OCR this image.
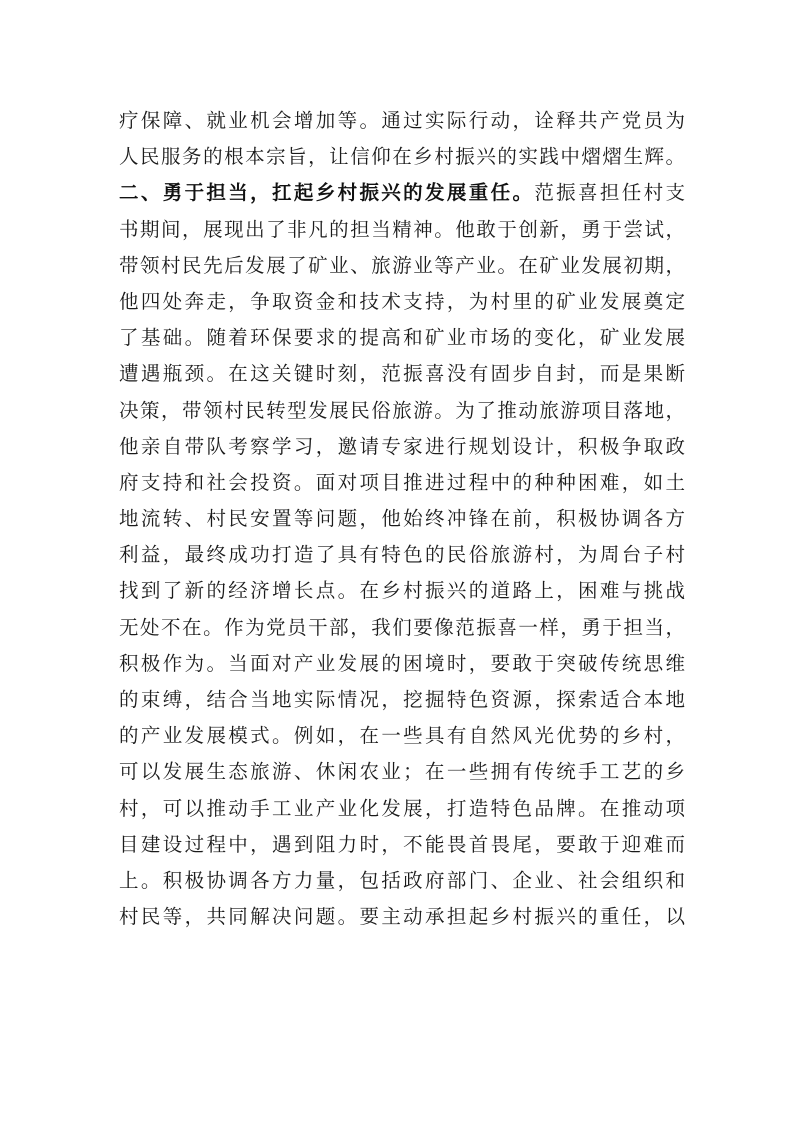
疗保障、就业机会增加等。通过实际行动，诠释共产党员为
人民服务的根本宗旨，让信仰在乡村振兴的实践中熠熠生辉。
二、勇于担当，扛起乡村振兴的发展重任。范振喜担任村支
书期间，展现出了非凡的担当精神。他敢于创新，勇于尝试，
带领村民先后发展了矿业、旅游业等产业。在矿业发展初期，
他四处奔走，争取资金和技术支持，为村里的矿业发展奠定
了基础。随着环保要求的提高和矿业市场的变化，矿业发展
遭遇瓶颈。在这关键时刻，范振喜没有固步自封，而是果断
决策，带领村民转型发展民俗旅游。为了推动旅游项目落地，
他亲自带队考察学习，邀请专家进行规划设计，积极争取政
府支持和社会投资。面对项目推进过程中的种种困难，如土
地流转、村民安置等问题，他始终冲锋在前，积极协调各方
利益，最终成功打造了具有特色的民俗旅游村，为周台子村
找到了新的经济增长点。在乡村振兴的道路上，困难与挑战
无处不在。作为党员干部，我们要像范振喜一样，勇于担当，
积极作为。当面对产业发展的困境时，要敢于突破传统思维
的束缚，结合当地实际情况，挖掘特色资源，探索适合本地
的产业发展模式。例如，在一些具有自然风光优势的乡村，
可以发展生态旅游、休闲农业；在一些拥有传统手工艺的乡
村，可以推动手工业产业化发展，打造特色品牌。在推动项
目建设过程中，遇到阻力时，不能畏首畏尾，要敢于迎难而
上。积极协调各方力量，包括政府部门、企业、社会组织和
村民等，共同解决问题。要主动承担起乡村振兴的重任，以
